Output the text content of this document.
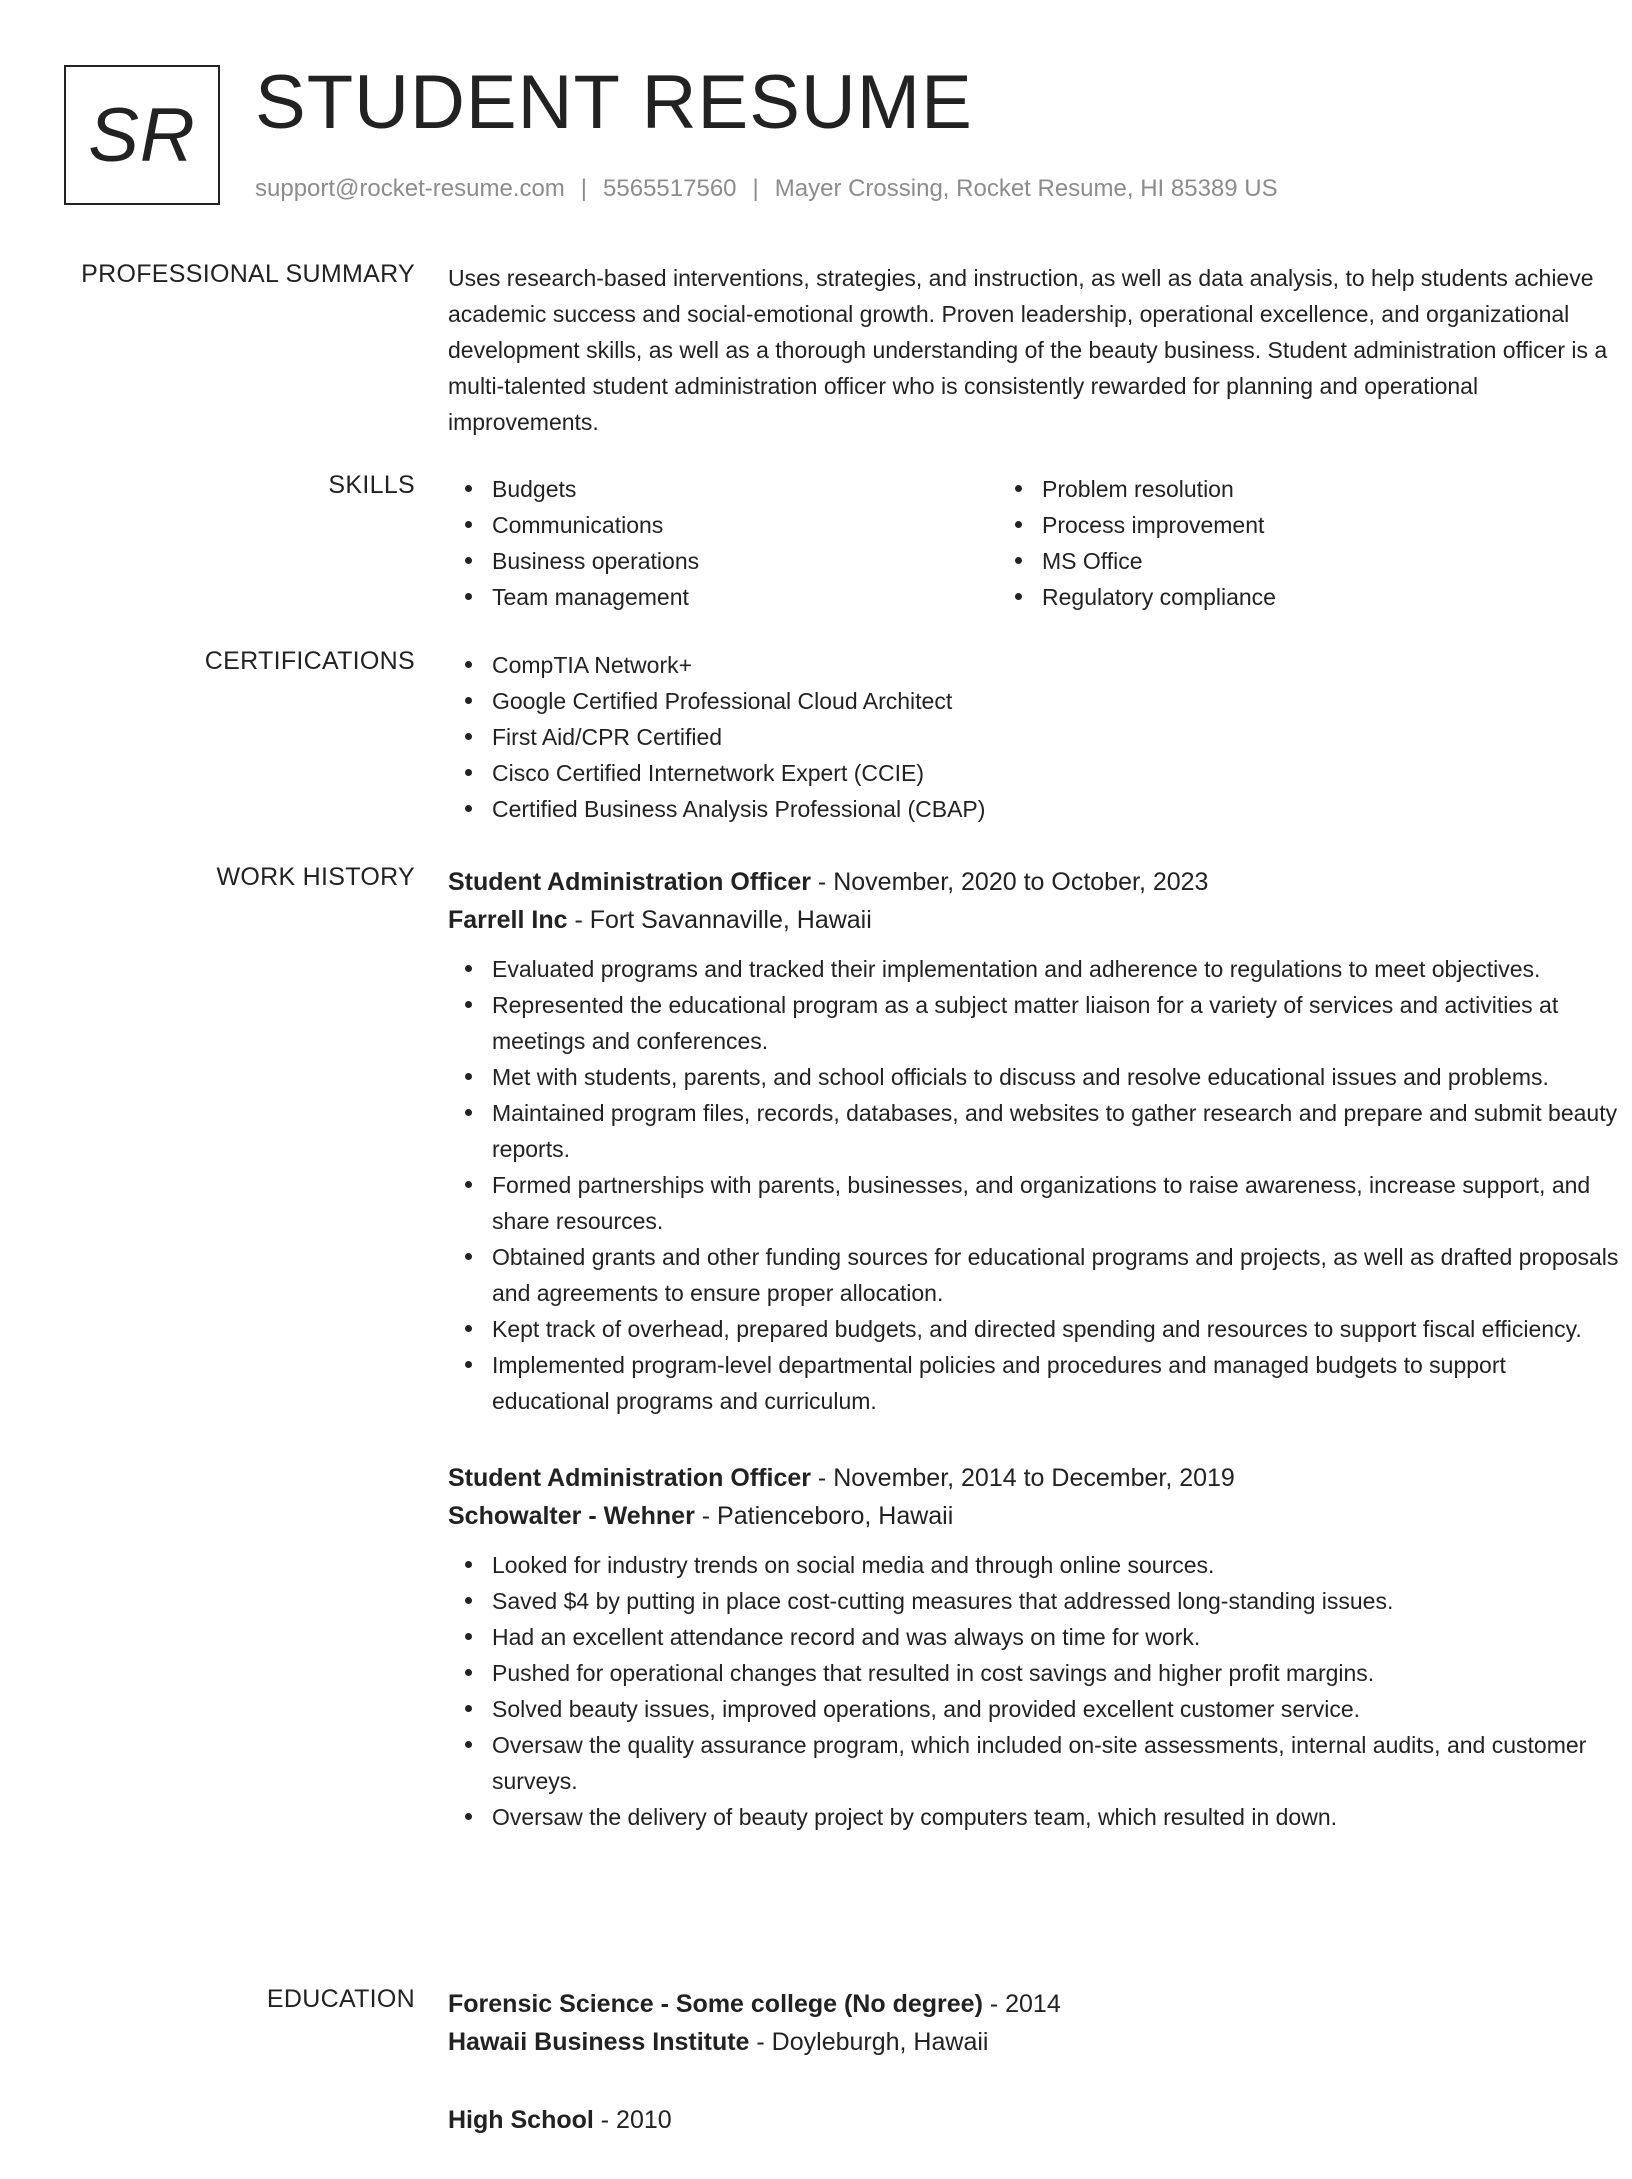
SR STUDENT RESUME
support@rocket-resume.com | 5565517560 | Mayer Crossing, Rocket Resume, HI 85389 US
PROFESSIONAL SUMMARY Uses research-based interventions, strategies, and instruction, as well as data analysis, to help students achieve academic success and social-emotional growth. Proven leadership, operational excellence, and organizational development skills, as well as a thorough understanding of the beauty business. Student administration officer is a multi-talented student administration officer who is consistently rewarded for planning and operational improvements.

SKILLS	Budgets
Communications
Business operations
Team management
Problem resolution
Process improvement
MS Office
Regulatory compliance
CERTIFICATIONS	CompTIA Network+
Google Certified Professional Cloud Architect
First Aid/CPR Certified
Cisco Certified Internetwork Expert (CCIE)
Certified Business Analysis Professional (CBAP)
WORK HISTORY Student Administration Officer - November, 2020 to October, 2023
Farrell Inc - Fort Savannaville, Hawaii
Evaluated programs and tracked their implementation and adherence to regulations to meet objectives.
Represented the educational program as a subject matter liaison for a variety of services and activities at meetings and conferences.
Met with students, parents, and school officials to discuss and resolve educational issues and problems.
Maintained program files, records, databases, and websites to gather research and prepare and submit beauty reports.
Formed partnerships with parents, businesses, and organizations to raise awareness, increase support, and share resources.
Obtained grants and other funding sources for educational programs and projects, as well as drafted proposals and agreements to ensure proper allocation.
Kept track of overhead, prepared budgets, and directed spending and resources to support fiscal efficiency.
Implemented program-level departmental policies and procedures and managed budgets to support educational programs and curriculum.
Student Administration Officer - November, 2014 to December, 2019
Schowalter - Wehner - Patienceboro, Hawaii
Looked for industry trends on social media and through online sources.
Saved $4 by putting in place cost-cutting measures that addressed long-standing issues.
Had an excellent attendance record and was always on time for work.
Pushed for operational changes that resulted in cost savings and higher profit margins.
Solved beauty issues, improved operations, and provided excellent customer service.
Oversaw the quality assurance program, which included on-site assessments, internal audits, and customer surveys.
Oversaw the delivery of beauty project by computers team, which resulted in down.
EDUCATION Forensic Science - Some college (No degree) - 2014
Hawaii Business Institute - Doyleburgh, Hawaii
High School - 2010
